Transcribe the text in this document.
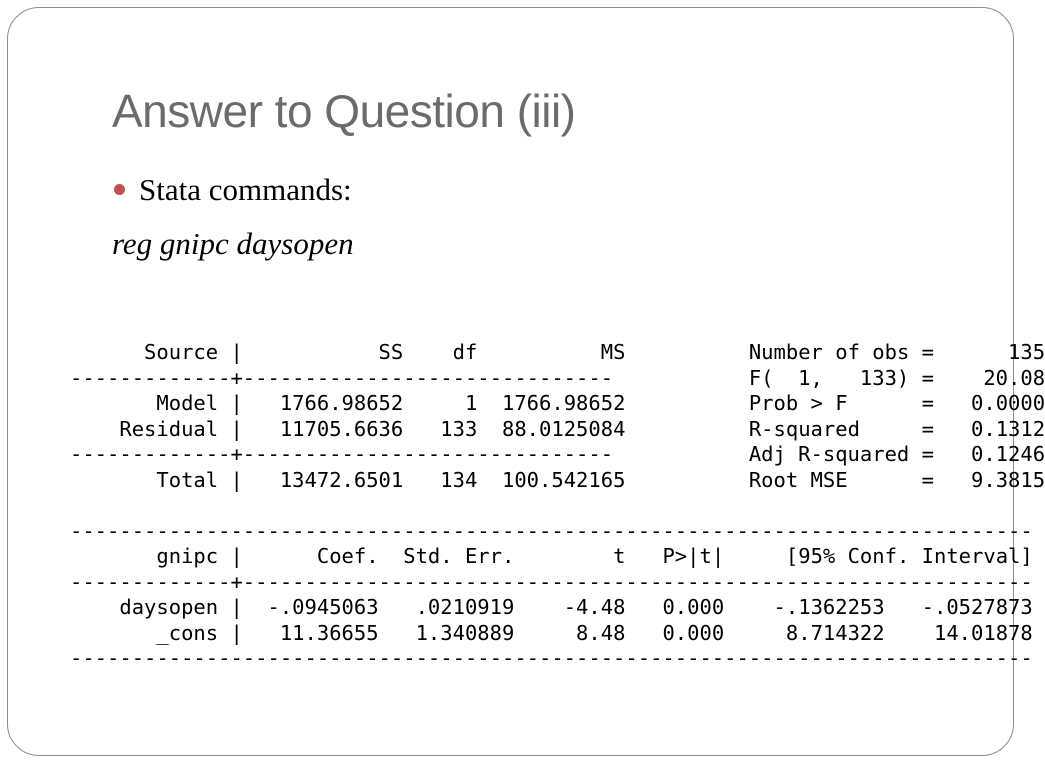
Answer to Question (iii)
Stata commands:
reg gnipc daysopen
Source |           SS    df          MS	Number of obs =      135
-------------+------------------------------           F(  1,   133) =    20.08
Model |   1766.98652     1  1766.98652	Prob > F      =   0.0000
Residual |   11705.6636   133  88.0125084	R-squared     =   0.1312
-------------+------------------------------           Adj R-squared =   0.1246
Total |   13472.6501   134  100.542165	Root MSE      =   9.3815

------------------------------------------------------------------------------
gnipc |      Coef.  Std. Err.        t   P>|t|     [95% Conf. Interval]
-------------+----------------------------------------------------------------
daysopen |  -.0945063   .0210919    -4.48   0.000    -.1362253   -.0527873
_cons |   11.36655   1.340889     8.48   0.000     8.714322    14.01878
------------------------------------------------------------------------------
